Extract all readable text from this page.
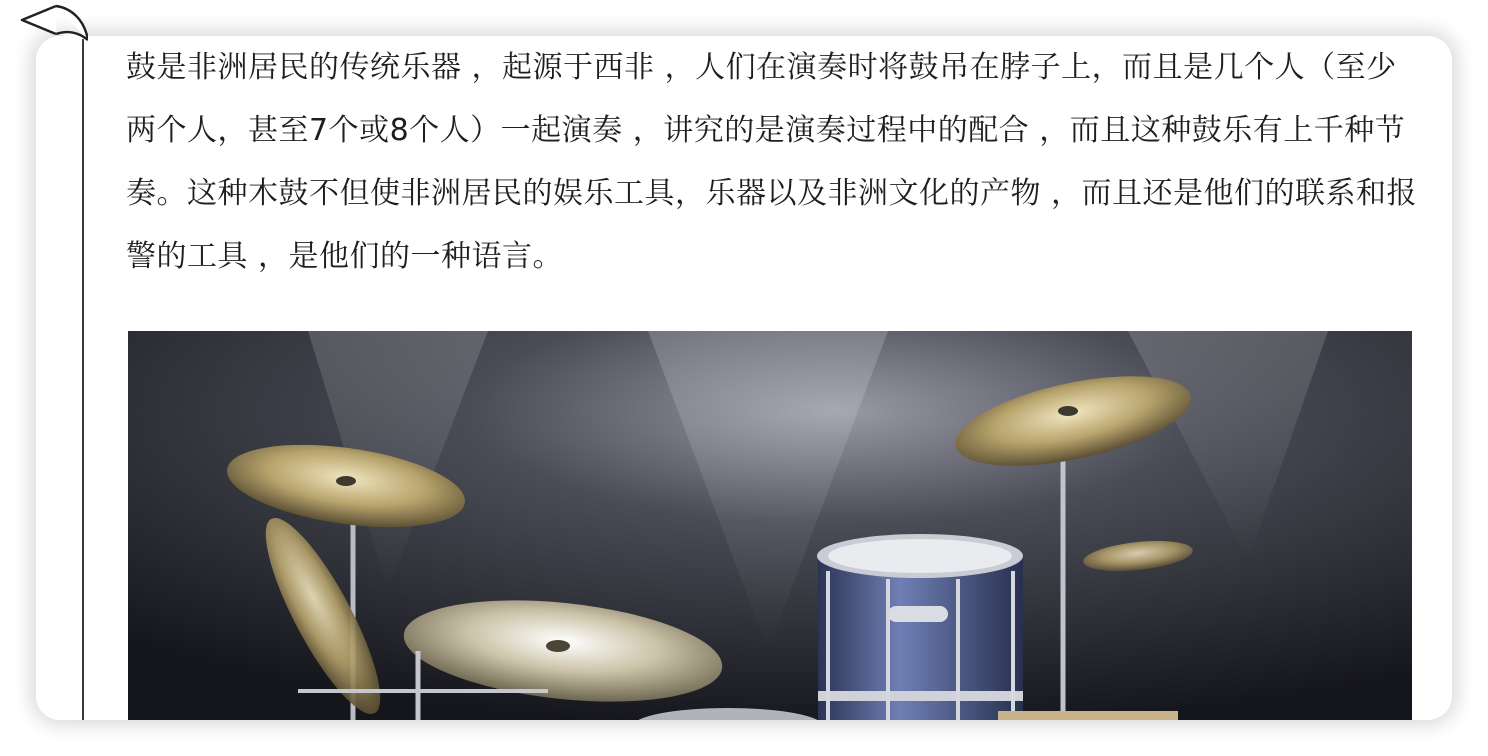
鼓是非洲居民的传统乐器 ，起源于西非 ，人们在演奏时将鼓吊在脖子上，而且是几个人（至少两个人，甚至7个或8个人）一起演奏 ，讲究的是演奏过程中的配合 ，而且这种鼓乐有上千种节奏。这种木鼓不但使非洲居民的娱乐工具，乐器以及非洲文化的产物 ，而且还是他们的联系和报警的工具 ，是他们的一种语言。
